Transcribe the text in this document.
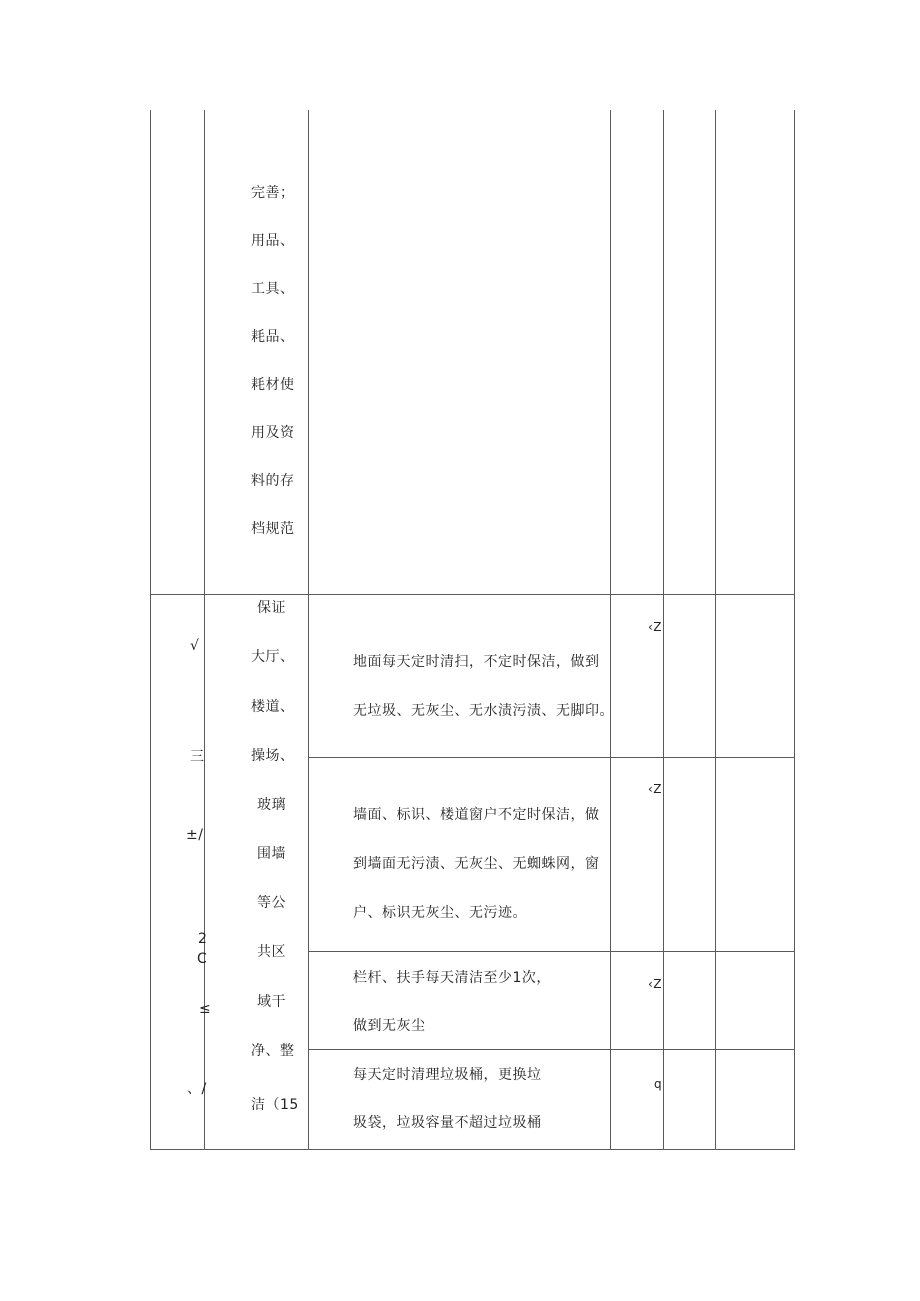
完善；
用品、
工具、
耗品、
耗材使
用及资
料的存
档规范
√
三
±/
2
C
≤
、/
保证
大厅、
楼道、
操场、
玻璃
围墙
等公
共区
域干
净、整
洁（15
地面每天定时清扫，不定时保洁，做到
无垃圾、无灰尘、无水渍污渍、无脚印。
‹Z
墙面、标识、楼道窗户不定时保洁，做
到墙面无污渍、无灰尘、无蜘蛛网，窗
户、标识无灰尘、无污迹。
‹Z
栏杆、扶手每天清洁至少1次，
做到无灰尘
‹Z
每天定时清理垃圾桶，更换垃
圾袋，垃圾容量不超过垃圾桶
q
